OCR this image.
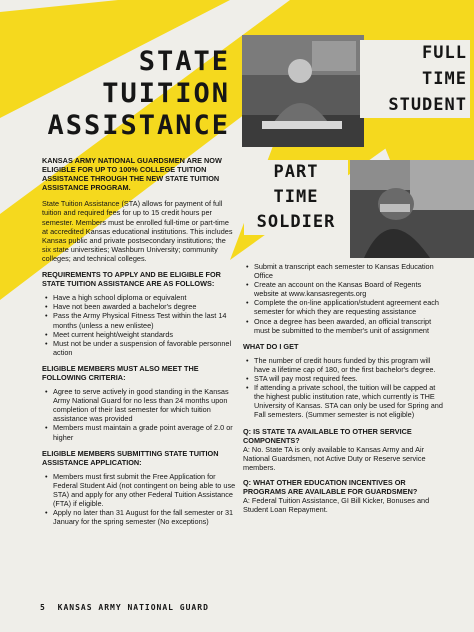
STATE
TUITION
ASSISTANCE
FULL
TIME
STUDENT
PART
TIME
SOLDIER

KANSAS ARMY NATIONAL GUARDSMEN ARE NOW ELIGIBLE FOR UP TO 100% COLLEGE TUITION ASSISTANCE THROUGH THE NEW STATE TUITION ASSISTANCE PROGRAM.

State Tuition Assistance (STA) allows for payment of full tuition and required fees for up to 15 credit hours per semester. Members must be enrolled full-time or part-time at accredited Kansas educational institutions. This includes Kansas public and private postsecondary institutions; the six state universities; Washburn University; community colleges; and technical colleges.

REQUIREMENTS TO APPLY AND BE ELIGIBLE FOR STATE TUITION ASSISTANCE ARE AS FOLLOWS:
• Have a high school diploma or equivalent
• Have not been awarded a bachelor's degree
• Pass the Army Physical Fitness Test within the last 14 months (unless a new enlistee)
• Meet current height/weight standards
• Must not be under a suspension of favorable personnel action
ELIGIBLE MEMBERS MUST ALSO MEET THE FOLLOWING CRITERIA:
• Agree to serve actively in good standing in the Kansas Army National Guard for no less than 24 months upon completion of their last semester for which tuition assistance was provided
• Members must maintain a grade point average of 2.0 or higher
ELIGIBLE MEMBERS SUBMITTING STATE TUITION ASSISTANCE APPLICATION:
• Members must first submit the Free Application for Federal Student Aid (not contingent on being able to use STA) and apply for any other Federal Tuition Assistance (FTA) if eligible.
• Apply no later than 31 August for the fall semester or 31 January for the spring semester (No exceptions)
• Submit a transcript each semester to Kansas Education Office
• Create an account on the Kansas Board of Regents website at www.kansasregents.org
• Complete the on-line application/student agreement each semester for which they are requesting assistance
• Once a degree has been awarded, an official transcript must be submitted to the member's unit of assignment
WHAT DO I GET
• The number of credit hours funded by this program will have a lifetime cap of 180, or the first bachelor's degree.
• STA will pay most required fees.
• If attending a private school, the tuition will be capped at the highest public institution rate, which currently is THE University of Kansas. STA can only be used for Spring and Fall semesters. (Summer semester is not eligible)
Q: IS STATE TA AVAILABLE TO OTHER SERVICE COMPONENTS?
A: No. State TA is only available to Kansas Army and Air National Guardsmen, not Active Duty or Reserve service members.
Q: WHAT OTHER EDUCATION INCENTIVES OR PROGRAMS ARE AVAILABLE FOR GUARDSMEN?
A: Federal Tuition Assistance, GI Bill Kicker, Bonuses and Student Loan Repayment.
5 KANSAS ARMY NATIONAL GUARD
